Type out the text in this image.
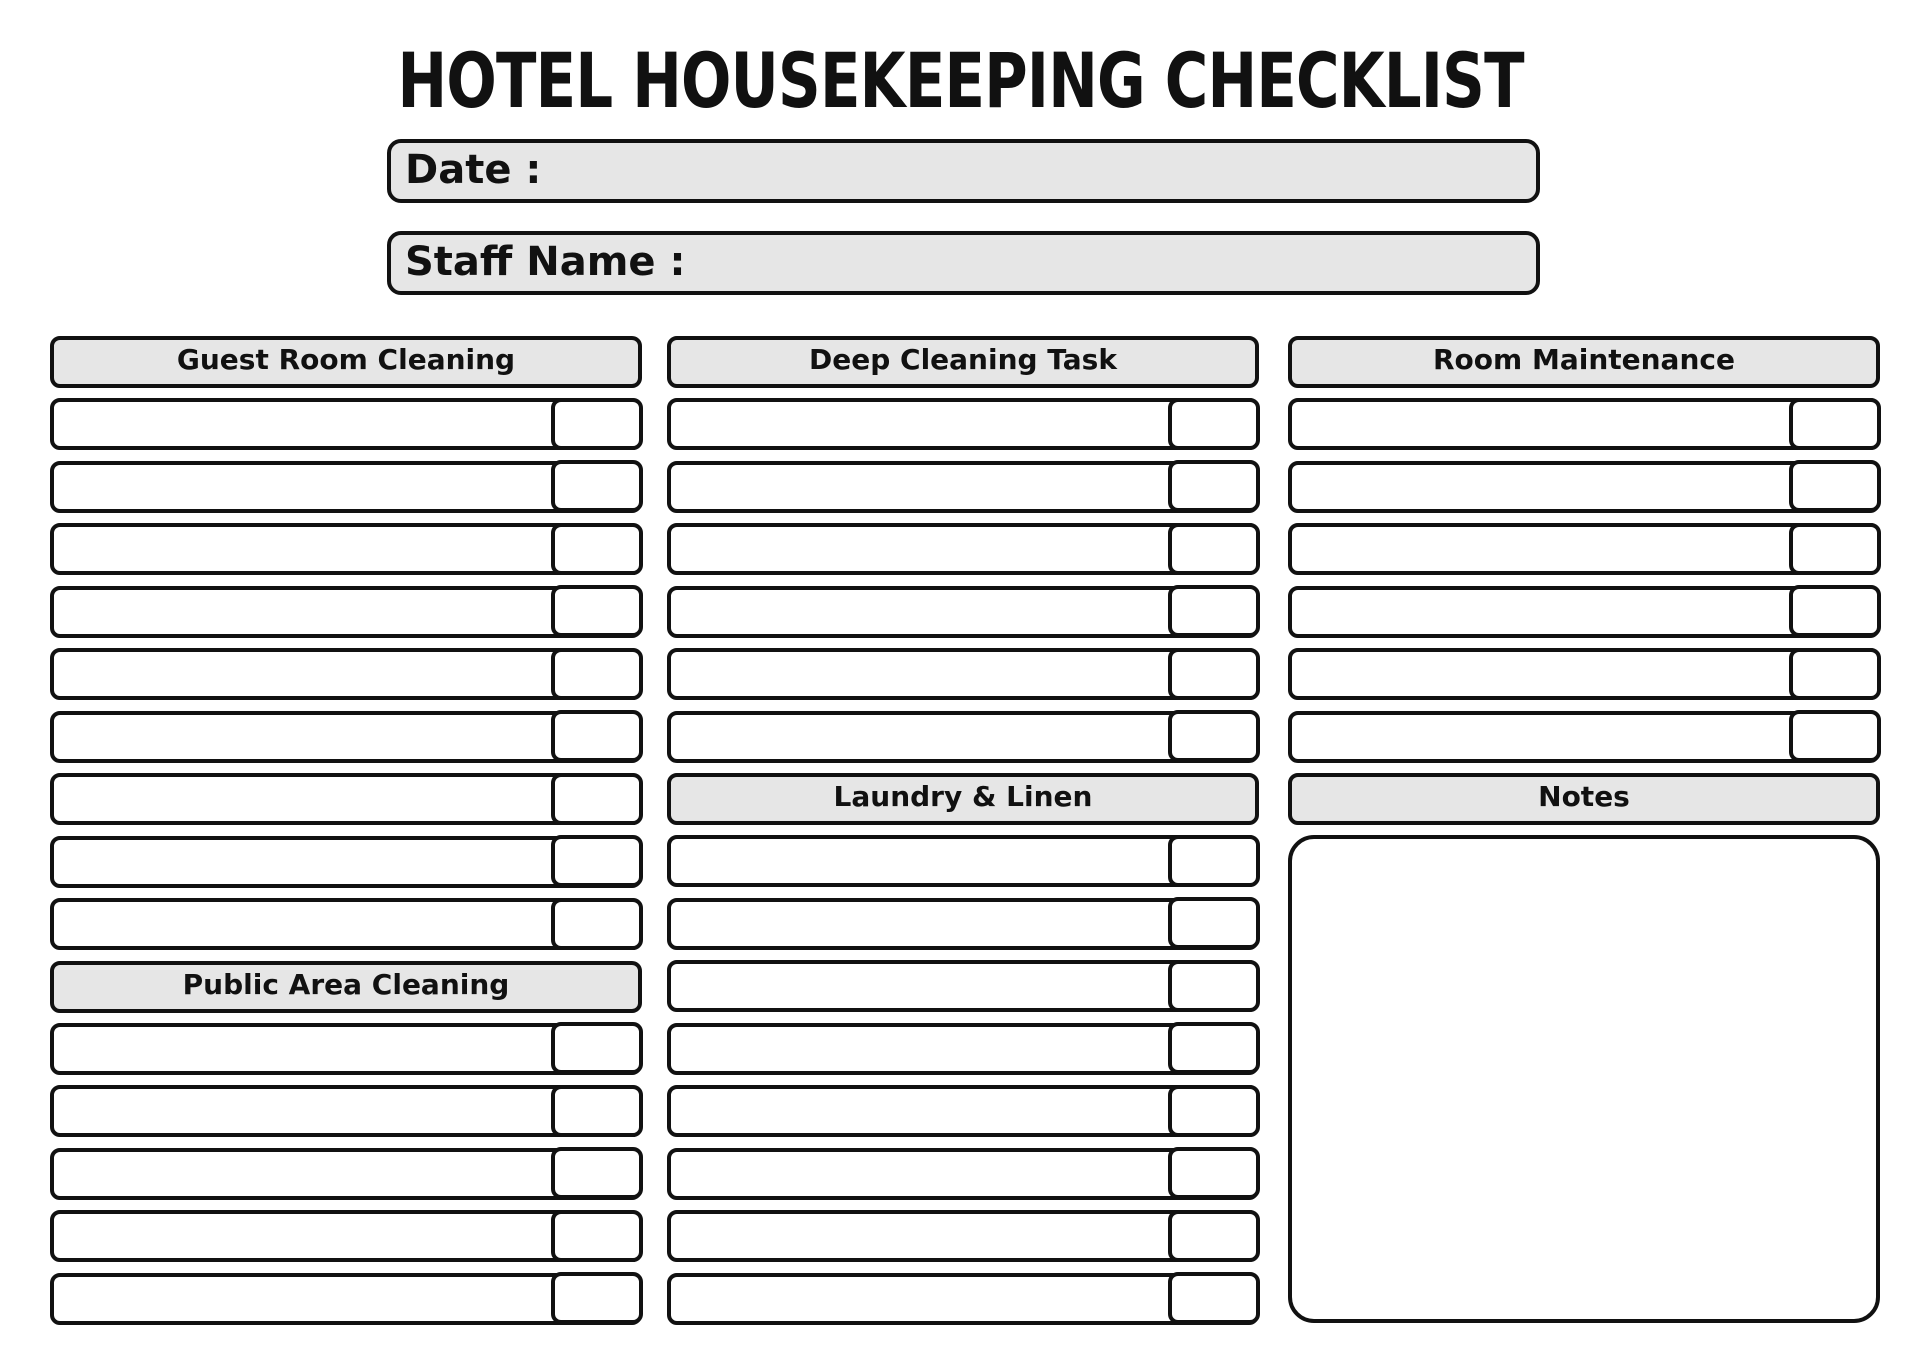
HOTEL HOUSEKEEPING CHECKLIST
Date :
Staff Name :
Guest Room Cleaning
Public Area Cleaning
Deep Cleaning Task
Laundry & Linen
Room Maintenance
Notes
